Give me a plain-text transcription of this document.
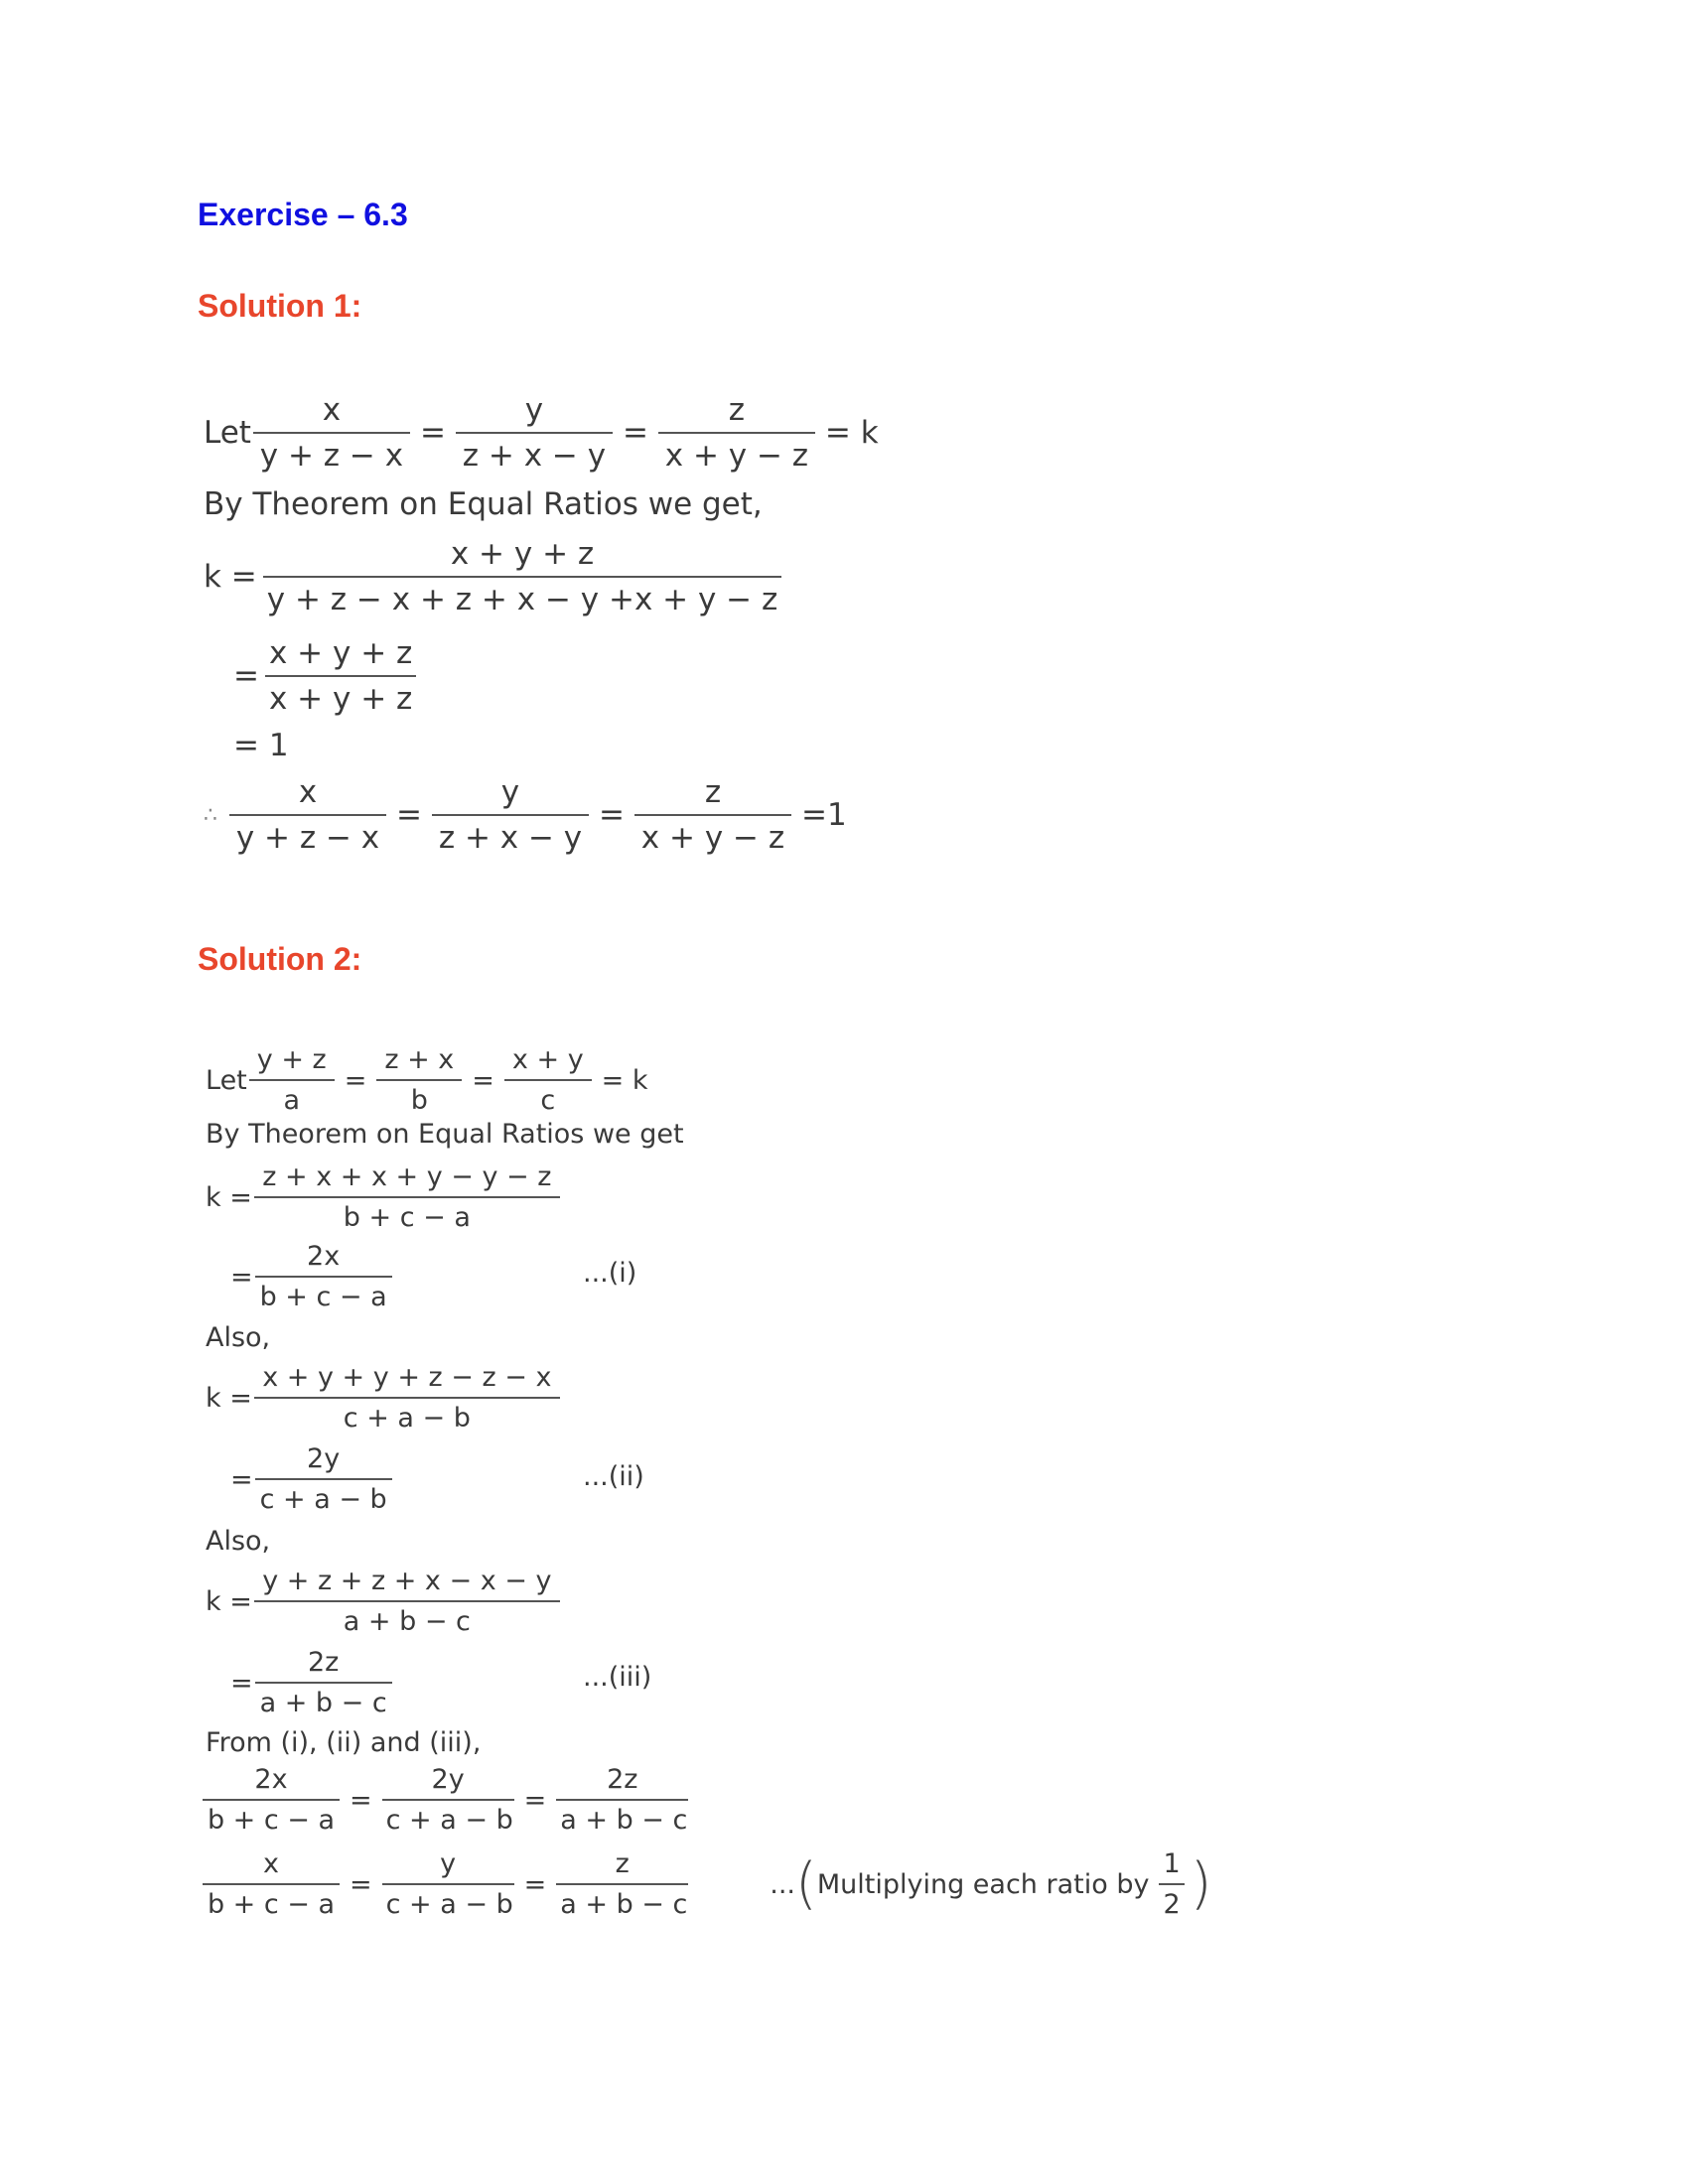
Exercise – 6.3
Solution 1:
Let $\frac{x}{y + z - x} = \frac{y}{z + x - y} = \frac{z}{x + y - z} = k$
By Theorem on Equal Ratios we get,
$k = \frac{x + y + z}{y + z - x + z + x - y +x + y - z}$
= $\frac{x + y + z}{x + y + z}$
= 1
∴ $\frac{x}{y + z - x} = \frac{y}{z + x - y} = \frac{z}{x + y - z} =1$
Solution 2:
Let $\frac{y + z}{a} = \frac{z + x}{b} = \frac{x + y}{c} = k$
By Theorem on Equal Ratios we get
$k = \frac{z + x + x + y - y - z}{b + c - a}$
= $\frac{2x}{b + c - a}$	...(i)
Also,
$k = \frac{x + y + y + z - z - x}{c + a - b}$
= $\frac{2y}{c + a - b}$	...(ii)
Also,
$k = \frac{y + z + z + x - x - y}{a + b - c}$
= $\frac{2z}{a + b - c}$	...(iii)
From (i), (ii) and (iii),
$\frac{2x}{b + c - a} = \frac{2y}{c + a - b} = \frac{2z}{a + b - c}$
$\frac{x}{b + c - a} = \frac{y}{c + a - b} = \frac{z}{a + b - c}$	... ( Multiplying each ratio by $\frac{1}{2}$ )
